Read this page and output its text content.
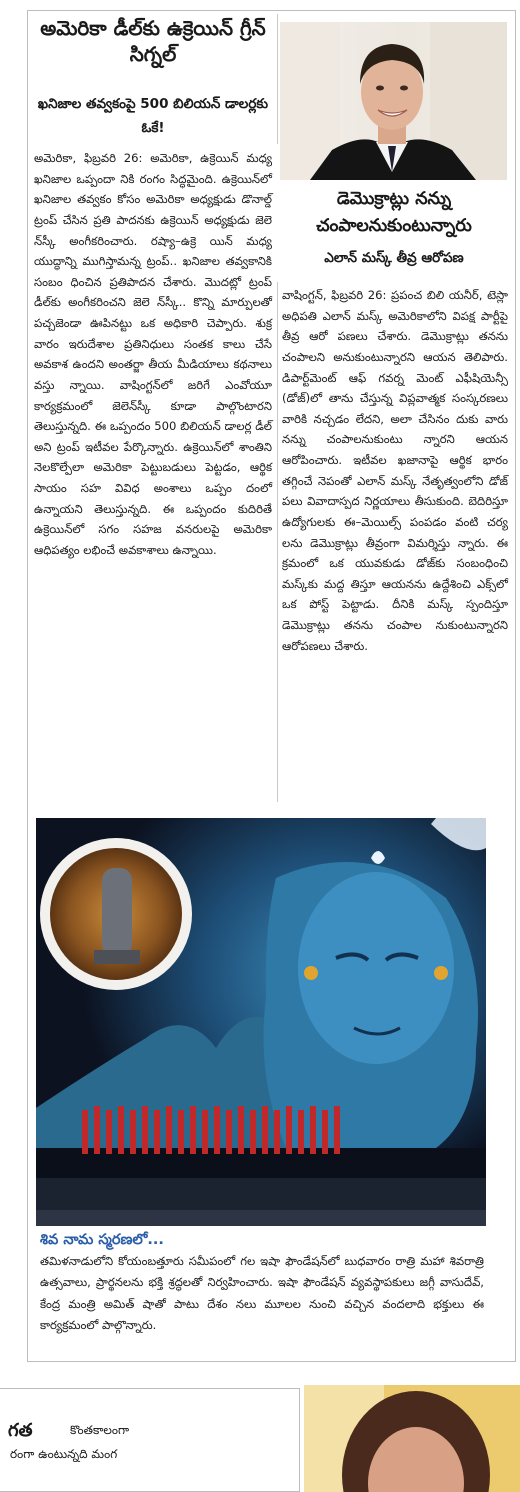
అమెరికా డీల్‌కు ఉక్రెయిన్ గ్రీన్ సిగ్నల్
ఖనిజాల తవ్వకంపై 500 బిలియన్ డాలర్లకు ఓకే!
అమెరికా, ఫిబ్రవరి 26: అమెరికా, ఉక్రెయిన్ మధ్య ఖనిజాల ఒప్పందా నికి రంగం సిద్ధమైంది. ఉక్రెయిన్‌లో ఖనిజాల తవ్వకం కోసం అమెరికా అధ్యక్షుడు డొనాల్డ్ ట్రంప్ చేసిన ప్రతి పాదనకు ఉక్రెయిన్ అధ్యక్షుడు జెలె న్‌స్కీ అంగీకరించారు. రష్యా–ఉక్రె యిన్ మధ్య యుద్ధాన్ని ముగిస్తామన్న ట్రంప్.. ఖనిజాల తవ్వకానికి సంబం ధించిన ప్రతిపాదన చేశారు. మొదట్లో ట్రంప్ డీల్‌కు అంగీకరించని జెలె న్‌స్కీ.. కొన్ని మార్పులతో పచ్చజెండా ఊపినట్టు ఒక అధికారి చెప్పారు. శుక్ర వారం ఇరుదేశాల ప్రతినిధులు సంతక కాలు చేసే అవకాశ ఉందని అంతర్జా తీయ మీడియాలు కథనాలు వస్తు న్నాయి. వాషింగ్టన్‌లో జరిగే ఎంవోయూ కార్యక్రమంలో జెలెన్‌స్కీ కూడా పాల్గొంటారని తెలుస్తున్నది. ఈ ఒప్పందం 500 బిలియన్ డాలర్ల డీల్ అని ట్రంప్ ఇటీవల పేర్కొన్నారు. ఉక్రెయిన్‌లో శాంతిని నెలకొల్పేలా అమెరికా పెట్టుబడులు పెట్టడం, ఆర్థిక సాయం సహ వివిధ అంశాలు ఒప్పం దంలో ఉన్నాయని తెలుస్తున్నది. ఈ ఒప్పందం కుదిరితే ఉక్రెయిన్‌లో సగం సహజ వనరులపై అమెరికా ఆధిపత్యం లభించే అవకాశాలు ఉన్నాయి.
డెమొక్రాట్లు నన్ను చంపాలనుకుంటున్నారు
ఎలాన్ మస్క్ తీవ్ర ఆరోపణ
వాషింగ్టన్, ఫిబ్రవరి 26: ప్రపంచ బిలి యనీర్, టెస్లా అధిపతి ఎలాన్ మస్క్ అమెరికాలోని విపక్ష పార్టీపై తీవ్ర ఆరో పణలు చేశారు. డెమొక్రాట్లు తనను చంపాలని అనుకుంటున్నారని ఆయన తెలిపారు. డిపార్ట్‌మెంట్ ఆఫ్ గవర్న మెంట్ ఎఫీషియెన్సీ (డోజ్)లో తాను చేస్తున్న విప్లవాత్మక సంస్కరణలు వారికి నచ్చడం లేదని, అలా చేసినం దుకు వారు నన్ను చంపాలనుకుంటు న్నారని ఆయన ఆరోపించారు. ఇటీవల ఖజానాపై ఆర్థిక భారం తగ్గించే నెపంతో ఎలాన్ మస్క్ నేతృత్వంలోని డోజ్ పలు వివాదాస్పద నిర్ణయాలు తీసుకుంది. బెదిరిస్తూ ఉద్యోగులకు ఈ–మెయిల్స్ పంపడం వంటి చర్య లను డెమొక్రాట్లు తీవ్రంగా విమర్శిస్తు న్నారు. ఈ క్రమంలో ఒక యువకుడు డోజ్‌కు సంబంధించి మస్క్‌కు మద్ద తిస్తూ ఆయనను ఉద్దేశించి ఎక్స్‌లో ఒక పోస్ట్ పెట్టాడు. దీనికి మస్క్ స్పందిస్తూ డెమొక్రాట్లు తనను చంపాల నుకుంటున్నారని ఆరోపణలు చేశారు.
శివ నామ స్మరణలో...
తమిళనాడులోని కోయంబత్తూరు సమీపంలో గల ఇషా ఫౌండేషన్‌లో బుధవారం రాత్రి మహా శివరాత్రి ఉత్సవాలు, ప్రార్థనలను భక్తి శ్రద్ధలతో నిర్వహించారు. ఇషా ఫౌండేషన్ వ్యవస్థాపకులు జగ్గీ వాసుదేవ్, కేంద్ర మంత్రి అమిత్ షాతో పాటు దేశం నలు మూలల నుంచి వచ్చిన వందలాది భక్తులు ఈ కార్యక్రమంలో పాల్గొన్నారు.
గత	కొంతకాలంగా
రంగా ఉంటున్నది మంగ
